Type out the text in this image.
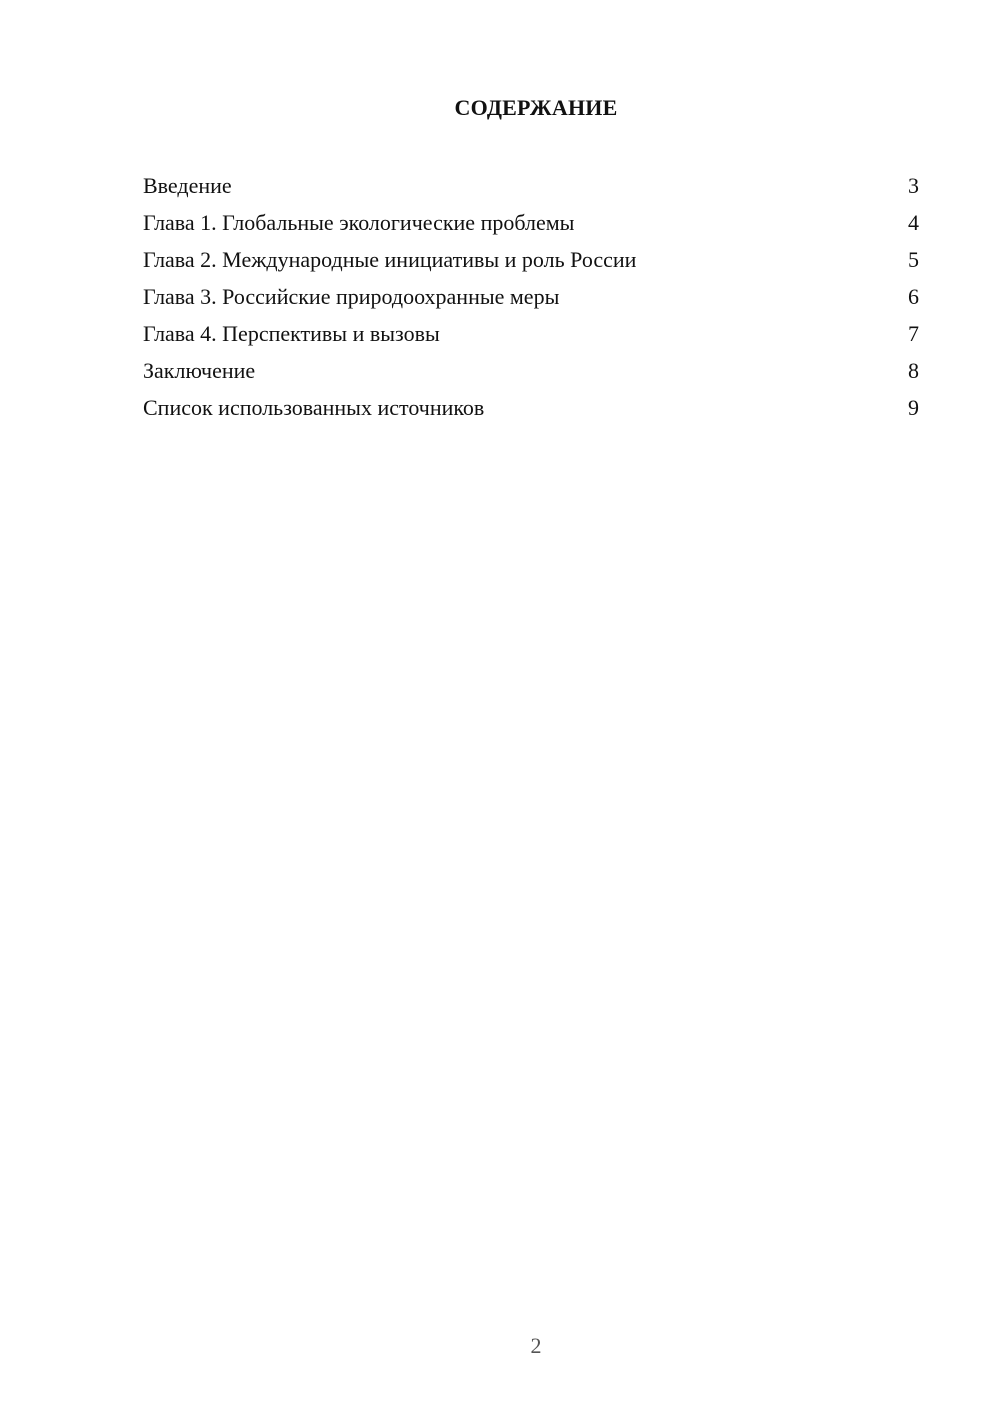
СОДЕРЖАНИЕ
Введение	3
Глава 1. Глобальные экологические проблемы	4
Глава 2. Международные инициативы и роль России	5
Глава 3. Российские природоохранные меры	6
Глава 4. Перспективы и вызовы	7
Заключение	8
Список использованных источников	9
2
